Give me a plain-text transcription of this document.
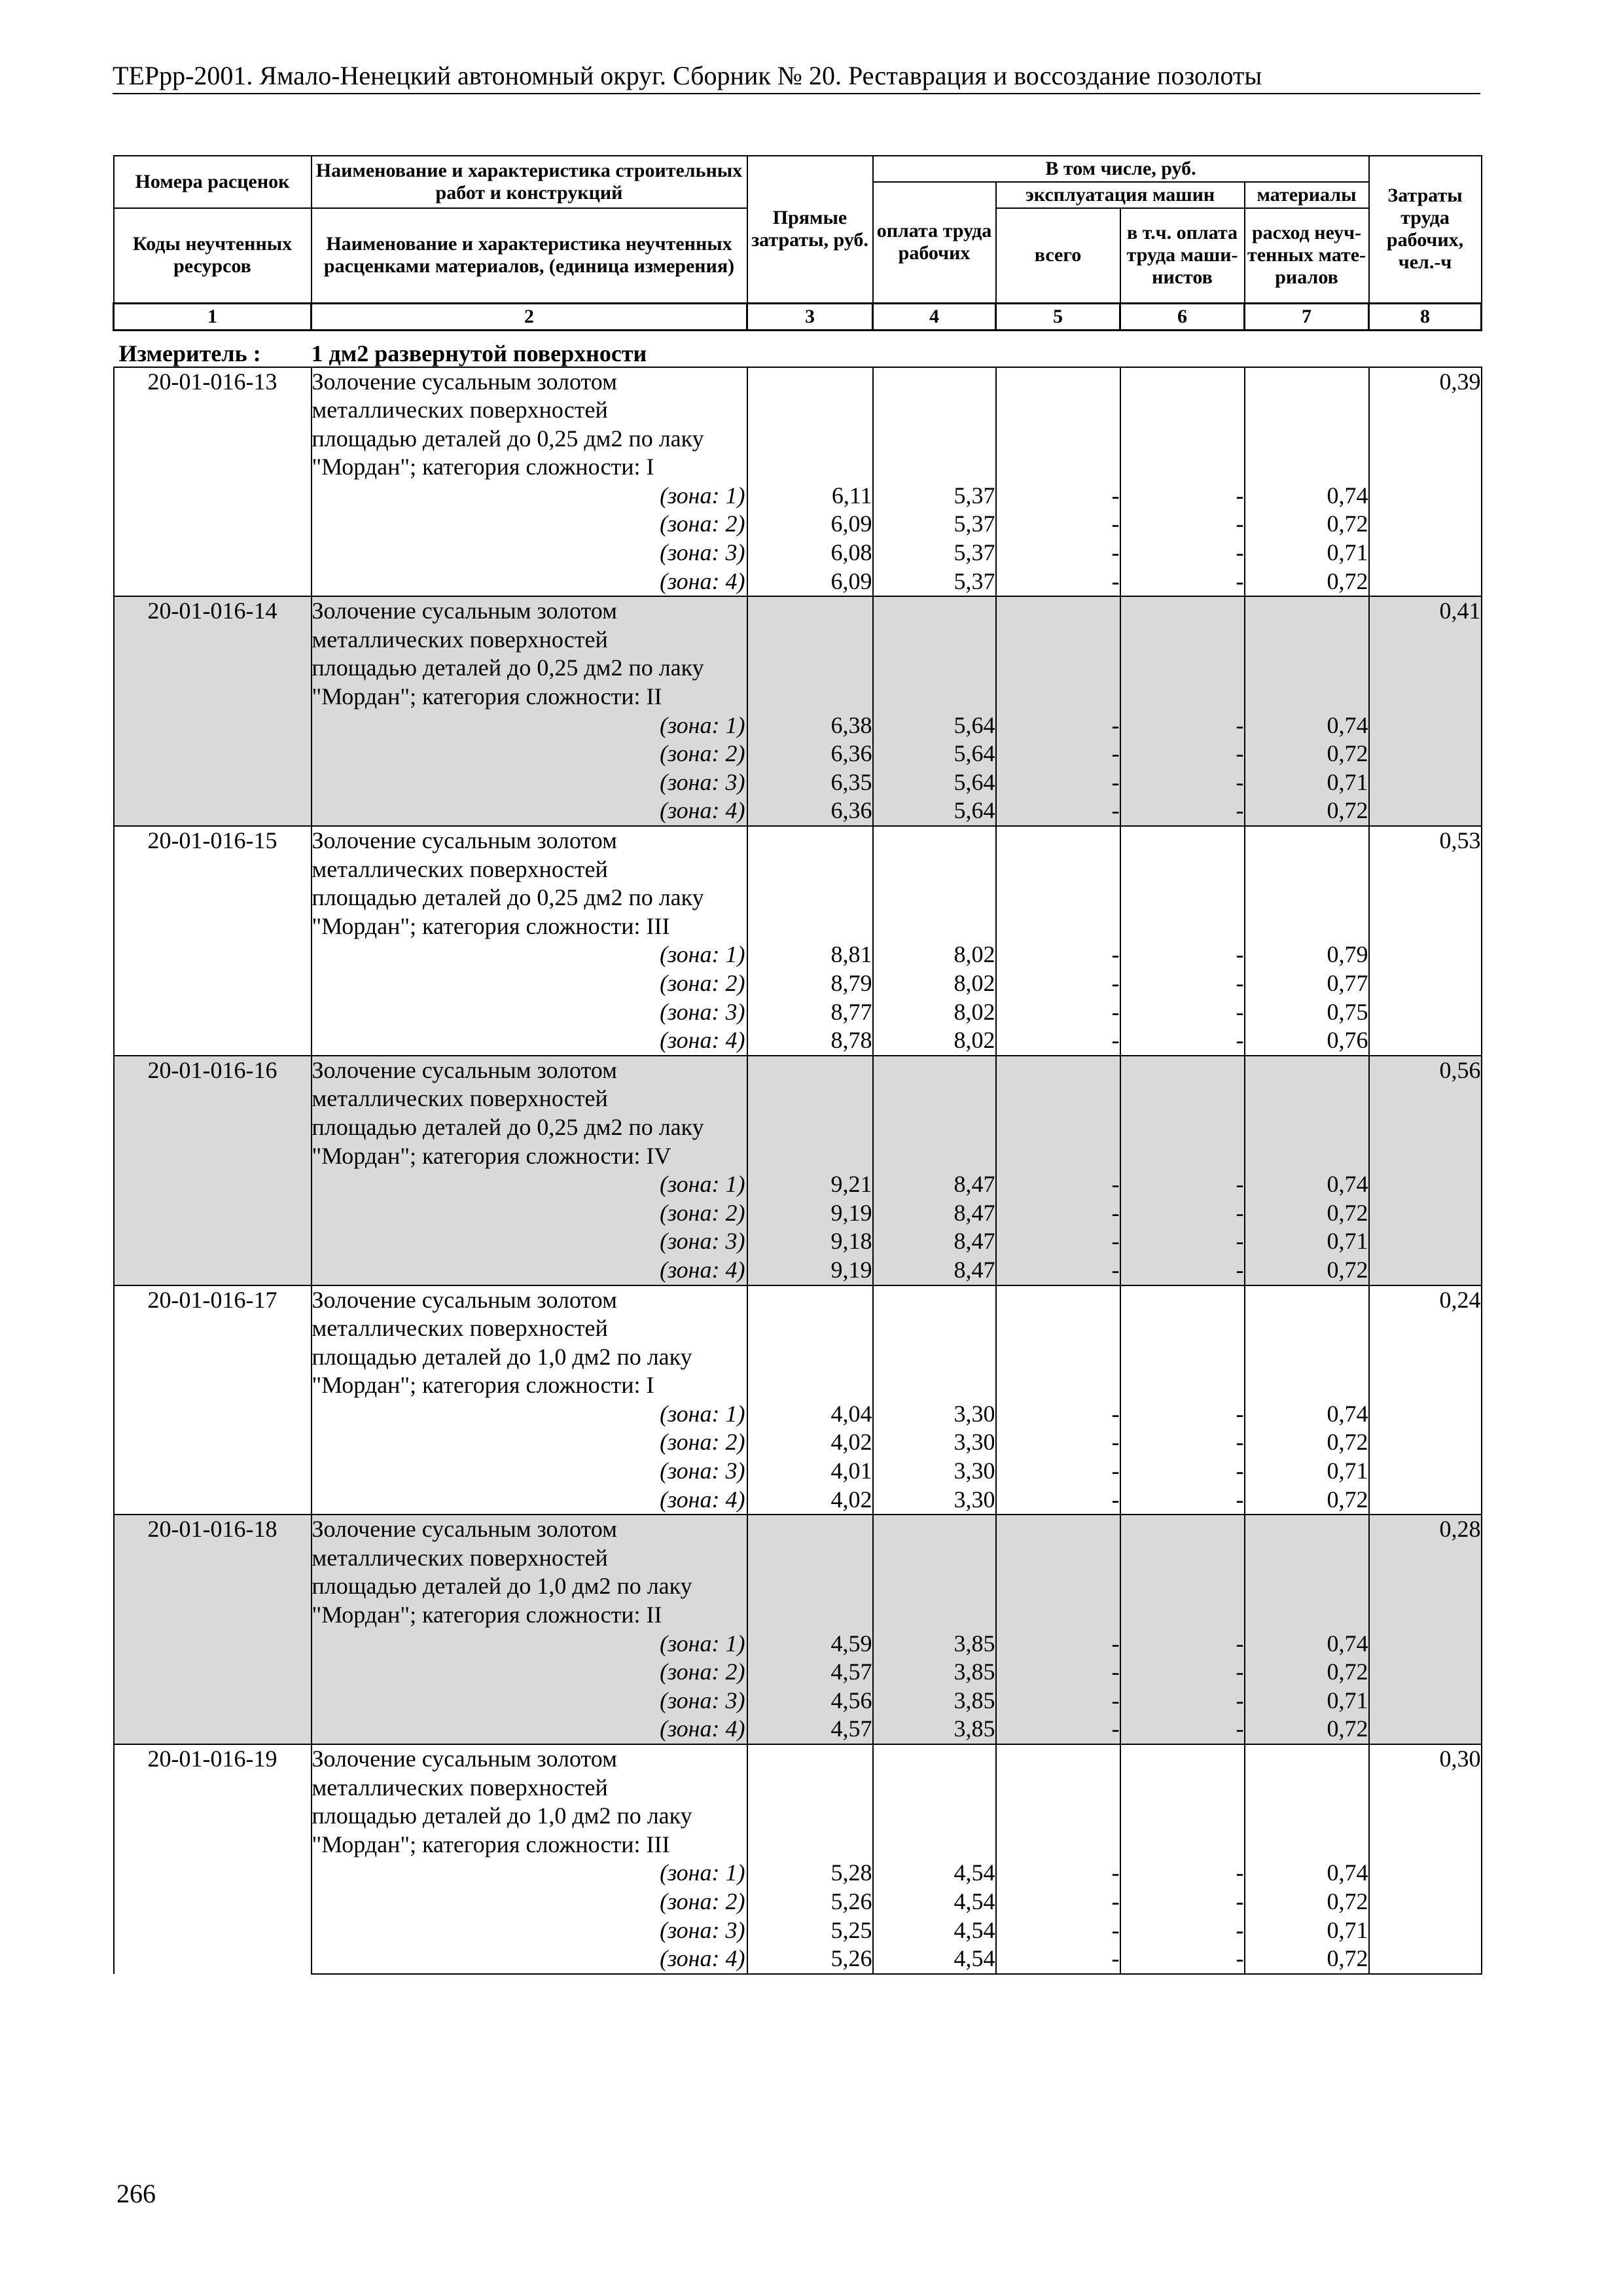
ТЕРрр-2001. Ямало-Ненецкий автономный округ. Сборник № 20. Реставрация и воссоздание позолоты
Номера расценок	Наименование и характеристика строительных работ и конструкций	Прямые затраты, руб.	В том числе, руб.				Затраты труда рабочих, чел.-ч
			оплата труда рабочих	эксплуатация машин		материалы	
Коды неучтенных ресурсов	Наименование и характеристика неучтенных расценками материалов, (единица измерения)			всего	в т.ч. оплата труда маши-нистов	расход неуч-тенных мате-риалов	

1	2	3	4	5	6	7	8
Измеритель :	1 дм2 развернутой поверхности						
20-01-016-13	Золочение сусальным золотом						0,39
	металлических поверхностей						
	площадью деталей до 0,25 дм2 по лаку						
	"Мордан"; категория сложности: I						

	(зона: 1)	6,11	5,37	-	-	0,74	

	(зона: 2)	6,09	5,37	-	-	0,72	

	(зона: 3)	6,08	5,37	-	-	0,71	

	(зона: 4)	6,09	5,37	-	-	0,72	
20-01-016-14	Золочение сусальным золотом						0,41
	металлических поверхностей						
	площадью деталей до 0,25 дм2 по лаку						
	"Мордан"; категория сложности: II						

	(зона: 1)	6,38	5,64	-	-	0,74	

	(зона: 2)	6,36	5,64	-	-	0,72	

	(зона: 3)	6,35	5,64	-	-	0,71	

	(зона: 4)	6,36	5,64	-	-	0,72	
20-01-016-15	Золочение сусальным золотом						0,53
	металлических поверхностей						
	площадью деталей до 0,25 дм2 по лаку						
	"Мордан"; категория сложности: III						

	(зона: 1)	8,81	8,02	-	-	0,79	

	(зона: 2)	8,79	8,02	-	-	0,77	

	(зона: 3)	8,77	8,02	-	-	0,75	

	(зона: 4)	8,78	8,02	-	-	0,76	
20-01-016-16	Золочение сусальным золотом						0,56
	металлических поверхностей						
	площадью деталей до 0,25 дм2 по лаку						
	"Мордан"; категория сложности: IV						

	(зона: 1)	9,21	8,47	-	-	0,74	

	(зона: 2)	9,19	8,47	-	-	0,72	

	(зона: 3)	9,18	8,47	-	-	0,71	

	(зона: 4)	9,19	8,47	-	-	0,72	
20-01-016-17	Золочение сусальным золотом						0,24
	металлических поверхностей						
	площадью деталей до 1,0 дм2 по лаку						
	"Мордан"; категория сложности: I						

	(зона: 1)	4,04	3,30	-	-	0,74	

	(зона: 2)	4,02	3,30	-	-	0,72	

	(зона: 3)	4,01	3,30	-	-	0,71	

	(зона: 4)	4,02	3,30	-	-	0,72	
20-01-016-18	Золочение сусальным золотом						0,28
	металлических поверхностей						
	площадью деталей до 1,0 дм2 по лаку						
	"Мордан"; категория сложности: II						

	(зона: 1)	4,59	3,85	-	-	0,74	

	(зона: 2)	4,57	3,85	-	-	0,72	

	(зона: 3)	4,56	3,85	-	-	0,71	

	(зона: 4)	4,57	3,85	-	-	0,72	
20-01-016-19	Золочение сусальным золотом						0,30
	металлических поверхностей						
	площадью деталей до 1,0 дм2 по лаку						
	"Мордан"; категория сложности: III						

	(зона: 1)	5,28	4,54	-	-	0,74	

	(зона: 2)	5,26	4,54	-	-	0,72	

	(зона: 3)	5,25	4,54	-	-	0,71	

	(зона: 4)	5,26	4,54	-	-	0,72	
266
